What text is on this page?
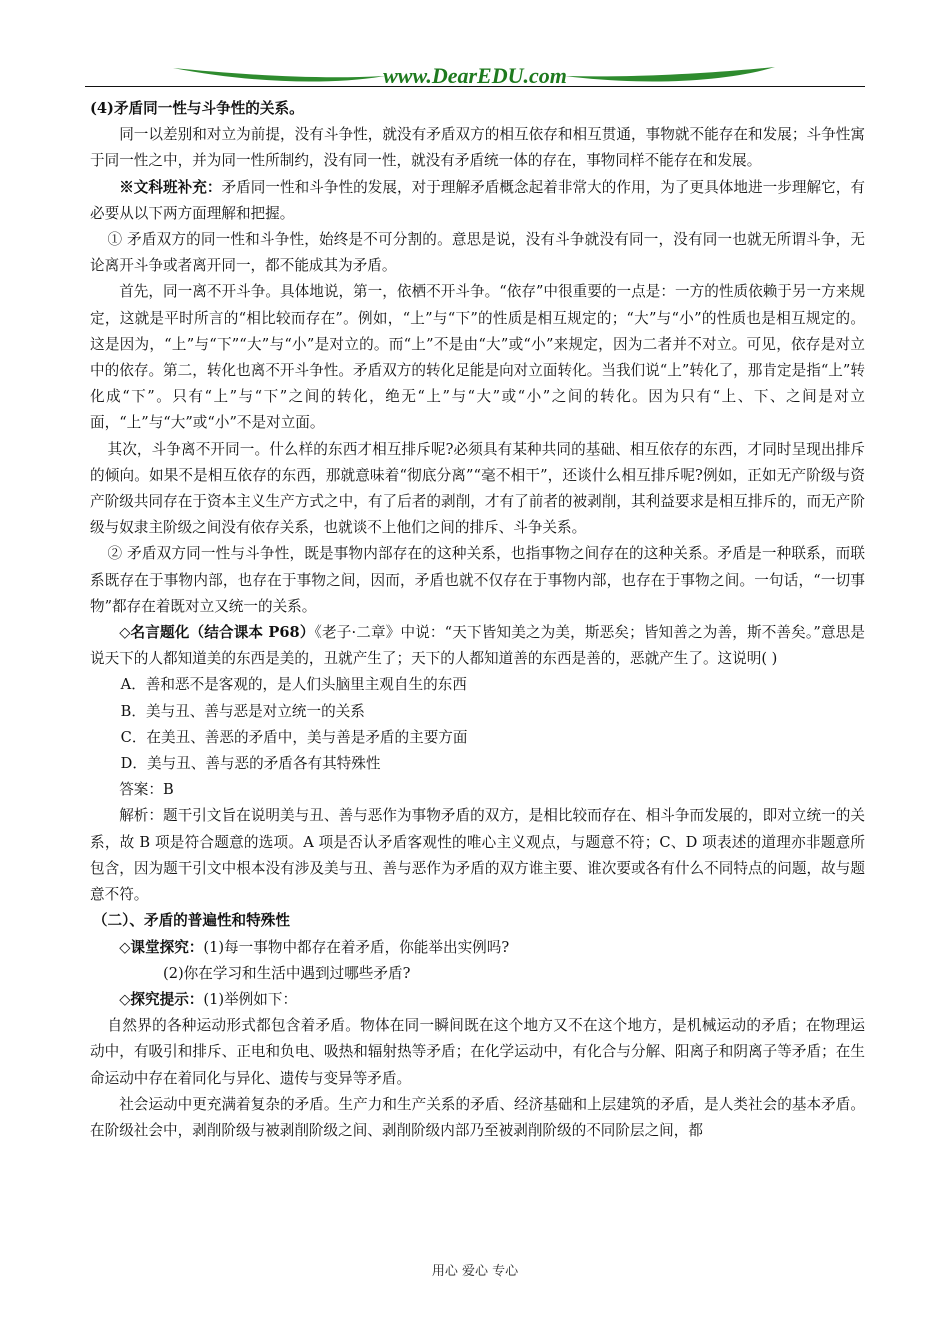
www.DearEDU.com

(4)矛盾同一性与斗争性的关系。

同一以差别和对立为前提，没有斗争性，就没有矛盾双方的相互依存和相互贯通，事物就不能存在和发展；斗争性寓于同一性之中，并为同一性所制约，没有同一性，就没有矛盾统一体的存在，事物同样不能存在和发展。

※文科班补充：矛盾同一性和斗争性的发展，对于理解矛盾概念起着非常大的作用，为了更具体地进一步理解它，有必要从以下两方面理解和把握。

① 矛盾双方的同一性和斗争性，始终是不可分割的。意思是说，没有斗争就没有同一，没有同一也就无所谓斗争，无论离开斗争或者离开同一，都不能成其为矛盾。

首先，同一离不开斗争。具体地说，第一，依栖不开斗争。“依存”中很重要的一点是：一方的性质依赖于另一方来规定，这就是平时所言的“相比较而存在”。例如，“上”与“下”的性质是相互规定的；“大”与“小”的性质也是相互规定的。这是因为，“上”与“下”“大”与“小”是对立的。而“上”不是由“大”或“小”来规定，因为二者并不对立。可见，依存是对立中的依存。第二，转化也离不开斗争性。矛盾双方的转化足能是向对立面转化。当我们说“上”转化了，那肯定是指“上”转化成“下”。只有“上”与“下”之间的转化，绝无“上”与“大”或“小”之间的转化。因为只有“上、下、之间是对立面，“上”与“大”或“小”不是对立面。

其次，斗争离不开同一。什么样的东西才相互排斥呢?必须具有某种共同的基础、相互依存的东西，才同时呈现出排斥的倾向。如果不是相互依存的东西，那就意味着“彻底分离”“毫不相干”，还谈什么相互排斥呢?例如，正如无产阶级与资产阶级共同存在于资本主义生产方式之中，有了后者的剥削，才有了前者的被剥削，其利益要求是相互排斥的，而无产阶级与奴隶主阶级之间没有依存关系，也就谈不上他们之间的排斥、斗争关系。

② 矛盾双方同一性与斗争性，既是事物内部存在的这种关系，也指事物之间存在的这种关系。矛盾是一种联系，而联系既存在于事物内部，也存在于事物之间，因而，矛盾也就不仅存在于事物内部，也存在于事物之间。一句话，“一切事物”都存在着既对立又统一的关系。

◇名言题化（结合课本 P68）《老子·二章》中说：“天下皆知美之为美，斯恶矣；皆知善之为善，斯不善矣。”意思是说天下的人都知道美的东西是美的，丑就产生了；天下的人都知道善的东西是善的，恶就产生了。这说明( )

A．善和恶不是客观的，是人们头脑里主观自生的东西

B．美与丑、善与恶是对立统一的关系

C．在美丑、善恶的矛盾中，美与善是矛盾的主要方面

D．美与丑、善与恶的矛盾各有其特殊性

答案：B

解析：题干引文旨在说明美与丑、善与恶作为事物矛盾的双方，是相比较而存在、相斗争而发展的，即对立统一的关系，故 B 项是符合题意的选项。A 项是否认矛盾客观性的唯心主义观点，与题意不符；C、D 项表述的道理亦非题意所包含，因为题干引文中根本没有涉及美与丑、善与恶作为矛盾的双方谁主要、谁次要或各有什么不同特点的问题，故与题意不符。

（二）、矛盾的普遍性和特殊性

◇课堂探究：(1)每一事物中都存在着矛盾，你能举出实例吗?

(2)你在学习和生活中遇到过哪些矛盾?

◇探究提示：(1)举例如下：

自然界的各种运动形式都包含着矛盾。物体在同一瞬间既在这个地方又不在这个地方，是机械运动的矛盾；在物理运动中，有吸引和排斥、正电和负电、吸热和辐射热等矛盾；在化学运动中，有化合与分解、阳离子和阴离子等矛盾；在生命运动中存在着同化与异化、遗传与变异等矛盾。

社会运动中更充满着复杂的矛盾。生产力和生产关系的矛盾、经济基础和上层建筑的矛盾，是人类社会的基本矛盾。在阶级社会中，剥削阶级与被剥削阶级之间、剥削阶级内部乃至被剥削阶级的不同阶层之间，都

用心 爱心 专心
